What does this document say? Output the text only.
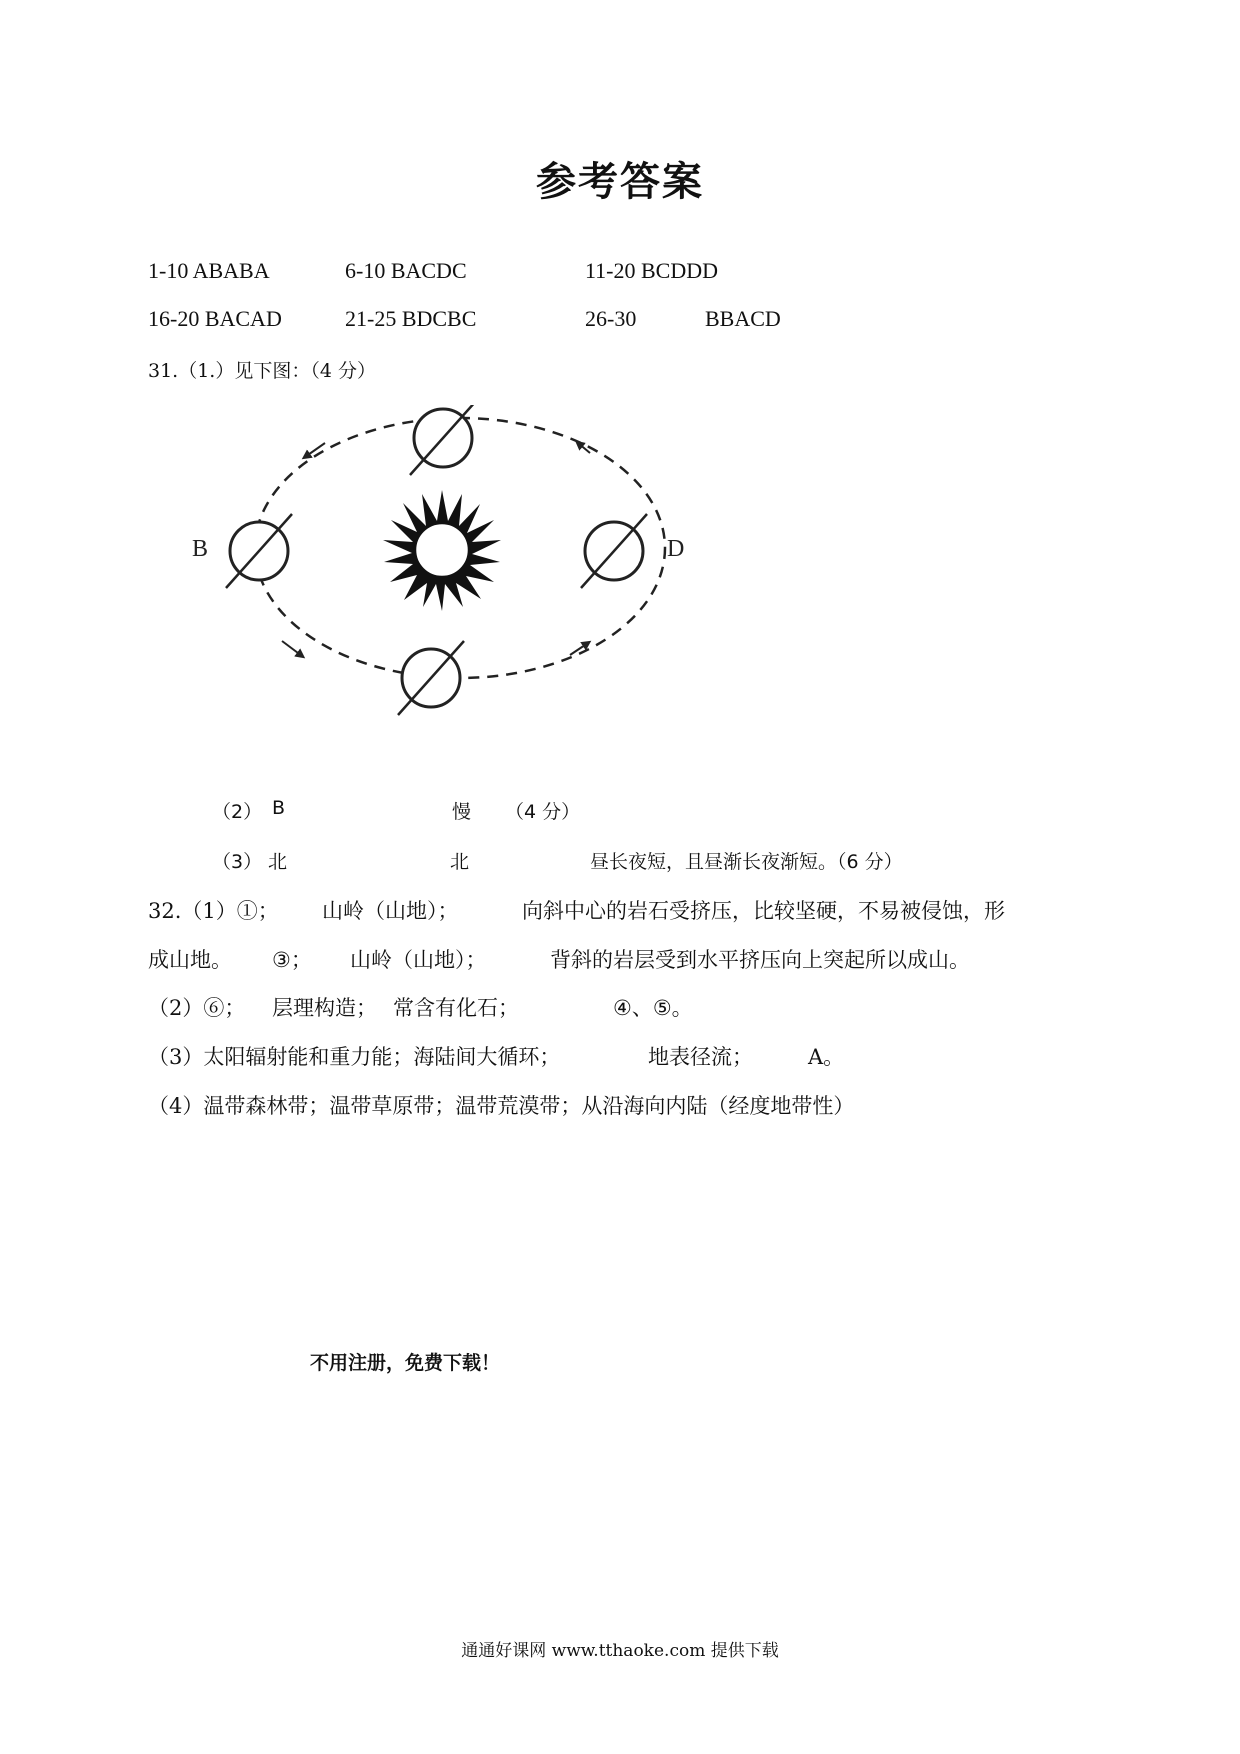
参考答案
1-10 ABABA	6-10 BACDC	11-20 BCDDD
16-20 BACAD	21-25 BDCBC	26-30	BBACD
31.（1.）见下图：（4 分）
B	D
（2） B	慢 （4 分）
（3） 北	北	昼长夜短，且昼渐长夜渐短。（6 分）
32.（1）①； 山岭（山地）；	向斜中心的岩石受挤压，比较坚硬，不易被侵蚀，形
成山地。 ③； 山岭（山地）；	背斜的岩层受到水平挤压向上突起所以成山。
（2）⑥； 层理构造； 常含有化石；	④、⑤。
（3）太阳辐射能和重力能；海陆间大循环；	地表径流；	A。
（4）温带森林带；温带草原带；温带荒漠带；从沿海向内陆（经度地带性）
不用注册，免费下载！
通通好课网 www.tthaoke.com 提供下载
